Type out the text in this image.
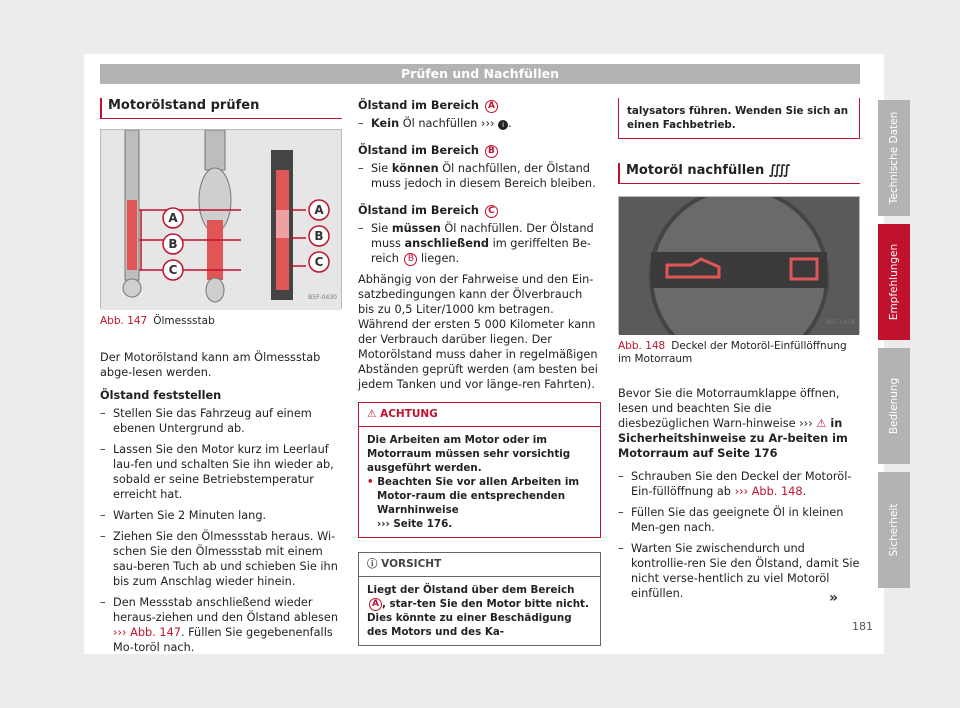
Prüfen und Nachfüllen
Motorölstand prüfen
A
B
C
A
B
C
B5F-0430
Abb. 147 Ölmessstab

Der Motorölstand kann am Ölmessstab abge-lesen werden.

Ölstand feststellen
– Stellen Sie das Fahrzeug auf einem ebenen Untergrund ab.
– Lassen Sie den Motor kurz im Leerlauf lau-fen und schalten Sie ihn wieder ab, sobald er seine Betriebstemperatur erreicht hat.
– Warten Sie 2 Minuten lang.
– Ziehen Sie den Ölmessstab heraus. Wi-schen Sie den Ölmessstab mit einem sau-beren Tuch ab und schieben Sie ihn bis zum Anschlag wieder hinein.
– Den Messstab anschließend wieder heraus-ziehen und den Ölstand ablesen ››› Abb. 147. Füllen Sie gegebenenfalls Mo-toröl nach.
Ölstand im Bereich A
– Kein Öl nachfüllen ››› i .
Ölstand im Bereich B
– Sie können Öl nachfüllen, der Ölstand muss jedoch in diesem Bereich bleiben.
Ölstand im Bereich C
– Sie müssen Öl nachfüllen. Der Ölstand muss anschließend im geriffelten Be-reich B liegen.

Abhängig von der Fahrweise und den Ein-satzbedingungen kann der Ölverbrauch bis zu 0,5 Liter/1000 km betragen. Während der ersten 5 000 Kilometer kann der Verbrauch darüber liegen. Der Motorölstand muss daher in regelmäßigen Abständen geprüft werden (am besten bei jedem Tanken und vor länge-ren Fahrten).

⚠ ACHTUNG
Die Arbeiten am Motor oder im Motorraum müssen sehr vorsichtig ausgeführt werden.
• Beachten Sie vor allen Arbeiten im Motor-raum die entsprechenden Warnhinweise
››› Seite 176.
ⓘ VORSICHT
Liegt der Ölstand über dem Bereich A , star-ten Sie den Motor bitte nicht. Dies könnte zu einer Beschädigung des Motors und des Ka-
talysators führen. Wenden Sie sich an einen Fachbetrieb.
Motoröl nachfüllen ⨌
B5F-0474
Abb. 148 Deckel der Motoröl-Einfüllöffnung im Motorraum

Bevor Sie die Motorraumklappe öffnen, lesen und beachten Sie die diesbezüglichen Warn-hinweise ››› ⚠ in Sicherheitshinweise zu Ar-beiten im Motorraum auf Seite 176

– Schrauben Sie den Deckel der Motoröl-Ein-füllöffnung ab ››› Abb. 148.
– Füllen Sie das geeignete Öl in kleinen Men-gen nach.
– Warten Sie zwischendurch und kontrollie-ren Sie den Ölstand, damit Sie nicht verse-hentlich zu viel Motoröl einfüllen.
Technische Daten
Empfehlungen
Bedienung
Sicherheit
»
181
